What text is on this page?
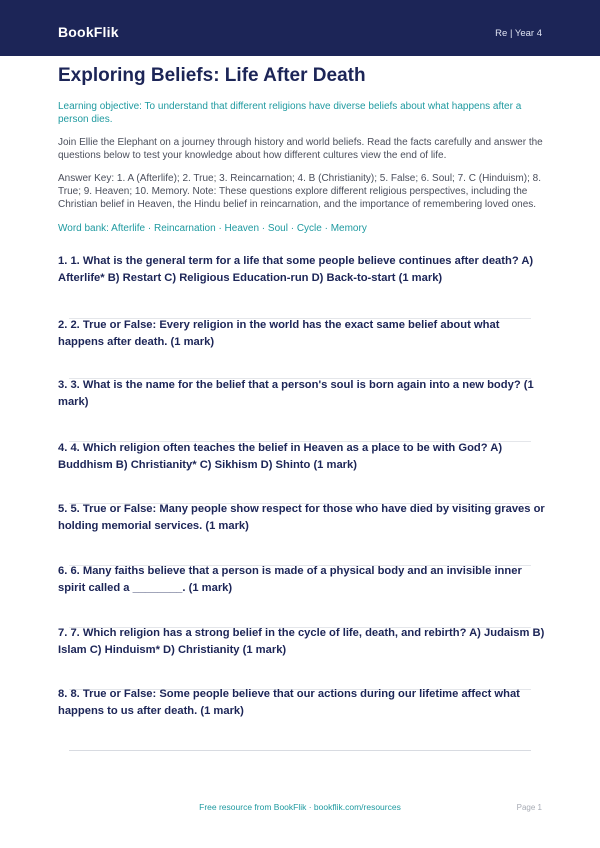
BookFlik	Re | Year 4
Exploring Beliefs: Life After Death
Learning objective: To understand that different religions have diverse beliefs about what happens after a person dies.
Join Ellie the Elephant on a journey through history and world beliefs. Read the facts carefully and answer the questions below to test your knowledge about how different cultures view the end of life.
Answer Key: 1. A (Afterlife); 2. True; 3. Reincarnation; 4. B (Christianity); 5. False; 6. Soul; 7. C (Hinduism); 8. True; 9. Heaven; 10. Memory. Note: These questions explore different religious perspectives, including the Christian belief in Heaven, the Hindu belief in reincarnation, and the importance of remembering loved ones.
Word bank: Afterlife · Reincarnation · Heaven · Soul · Cycle · Memory
1. 1. What is the general term for a life that some people believe continues after death? A) Afterlife* B) Restart C) Religious Education-run D) Back-to-start (1 mark)
2. 2. True or False: Every religion in the world has the exact same belief about what happens after death. (1 mark)
3. 3. What is the name for the belief that a person's soul is born again into a new body? (1 mark)
4. 4. Which religion often teaches the belief in Heaven as a place to be with God? A) Buddhism B) Christianity* C) Sikhism D) Shinto (1 mark)
5. 5. True or False: Many people show respect for those who have died by visiting graves or holding memorial services. (1 mark)
6. 6. Many faiths believe that a person is made of a physical body and an invisible inner spirit called a ________. (1 mark)
7. 7. Which religion has a strong belief in the cycle of life, death, and rebirth? A) Judaism B) Islam C) Hinduism* D) Christianity (1 mark)
8. 8. True or False: Some people believe that our actions during our lifetime affect what happens to us after death. (1 mark)
Free resource from BookFlik · bookflik.com/resources	Page 1
